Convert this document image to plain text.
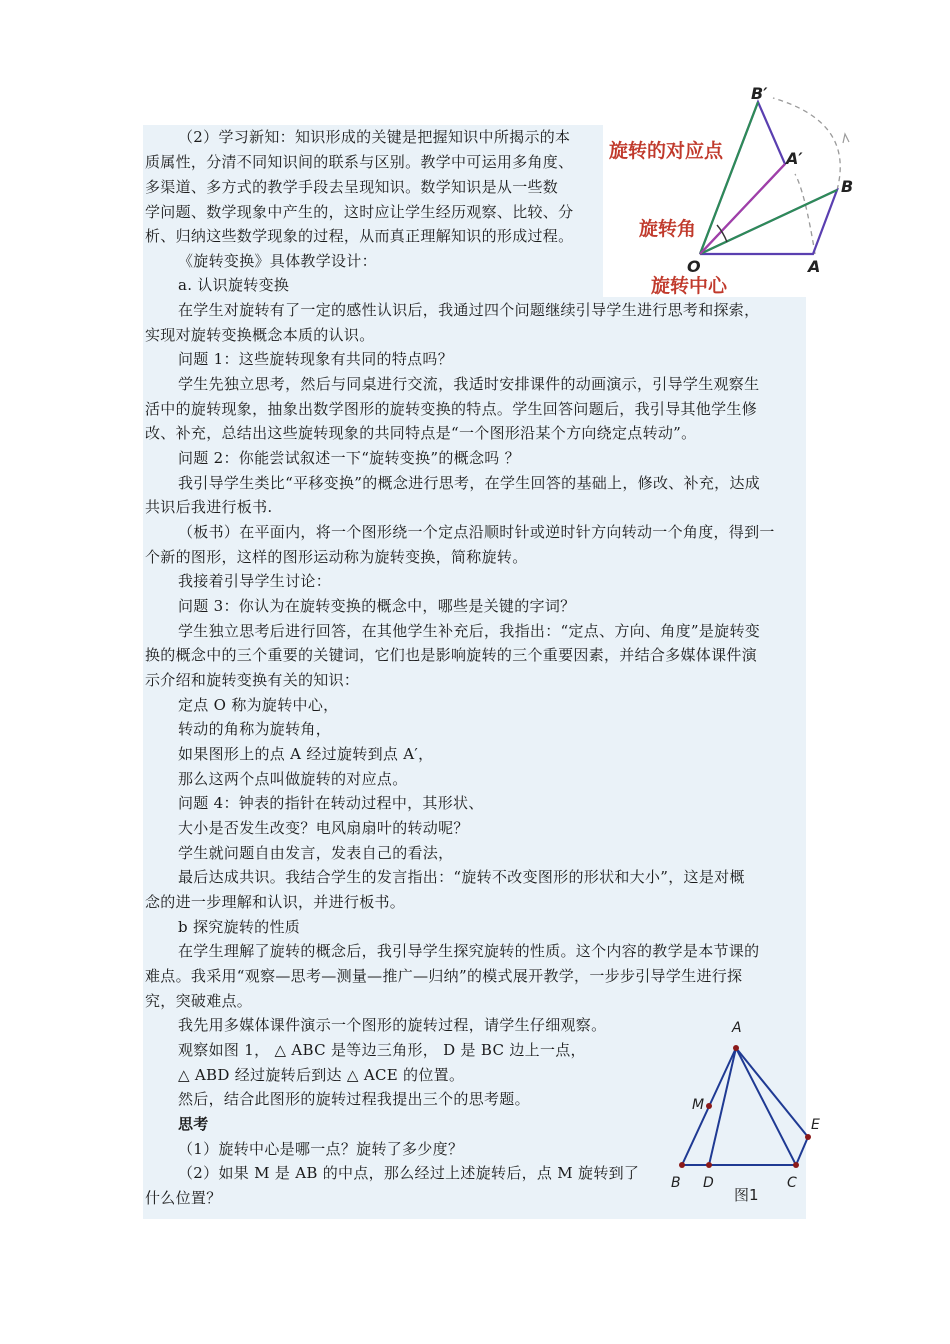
B′
A′
B
O	A
旋转的对应点
旋转角
旋转中心
A
M
E
B D	C
图1
（2）学习新知：知识形成的关键是把握知识中所揭示的本
质属性，分清不同知识间的联系与区别。教学中可运用多角度、
多渠道、多方式的教学手段去呈现知识。数学知识是从一些数
学问题、数学现象中产生的，这时应让学生经历观察、比较、分
析、归纳这些数学现象的过程，从而真正理解知识的形成过程。
《旋转变换》具体教学设计：
a. 认识旋转变换
在学生对旋转有了一定的感性认识后，我通过四个问题继续引导学生进行思考和探索，
实现对旋转变换概念本质的认识。
问题 1：这些旋转现象有共同的特点吗？
学生先独立思考，然后与同桌进行交流，我适时安排课件的动画演示，引导学生观察生
活中的旋转现象，抽象出数学图形的旋转变换的特点。学生回答问题后，我引导其他学生修
改、补充，总结出这些旋转现象的共同特点是“一个图形沿某个方向绕定点转动”。
问题 2：你能尝试叙述一下“旋转变换”的概念吗 ？
我引导学生类比“平移变换”的概念进行思考，在学生回答的基础上，修改、补充，达成
共识后我进行板书.
（板书）在平面内，将一个图形绕一个定点沿顺时针或逆时针方向转动一个角度，得到一
个新的图形，这样的图形运动称为旋转变换，简称旋转。
我接着引导学生讨论：
问题 3：你认为在旋转变换的概念中，哪些是关键的字词？
学生独立思考后进行回答，在其他学生补充后，我指出：“定点、方向、角度”是旋转变
换的概念中的三个重要的关键词，它们也是影响旋转的三个重要因素，并结合多媒体课件演
示介绍和旋转变换有关的知识：
定点 O 称为旋转中心，
转动的角称为旋转角，
如果图形上的点 A 经过旋转到点 A′，
那么这两个点叫做旋转的对应点。
问题 4：钟表的指针在转动过程中，其形状、
大小是否发生改变？电风扇扇叶的转动呢？
学生就问题自由发言，发表自己的看法，
最后达成共识。我结合学生的发言指出：“旋转不改变图形的形状和大小”，这是对概
念的进一步理解和认识，并进行板书。
b 探究旋转的性质
在学生理解了旋转的概念后，我引导学生探究旋转的性质。这个内容的教学是本节课的
难点。我采用“观察—思考—测量—推广—归纳”的模式展开教学，一步步引导学生进行探
究，突破难点。
我先用多媒体课件演示一个图形的旋转过程，请学生仔细观察。
观察如图 1， △ ABC 是等边三角形， D 是 BC 边上一点，
△ ABD 经过旋转后到达 △ ACE 的位置。
然后，结合此图形的旋转过程我提出三个的思考题。
思考
（1）旋转中心是哪一点？旋转了多少度？
（2）如果 M 是 AB 的中点，那么经过上述旋转后，点 M 旋转到了
什么位置？
